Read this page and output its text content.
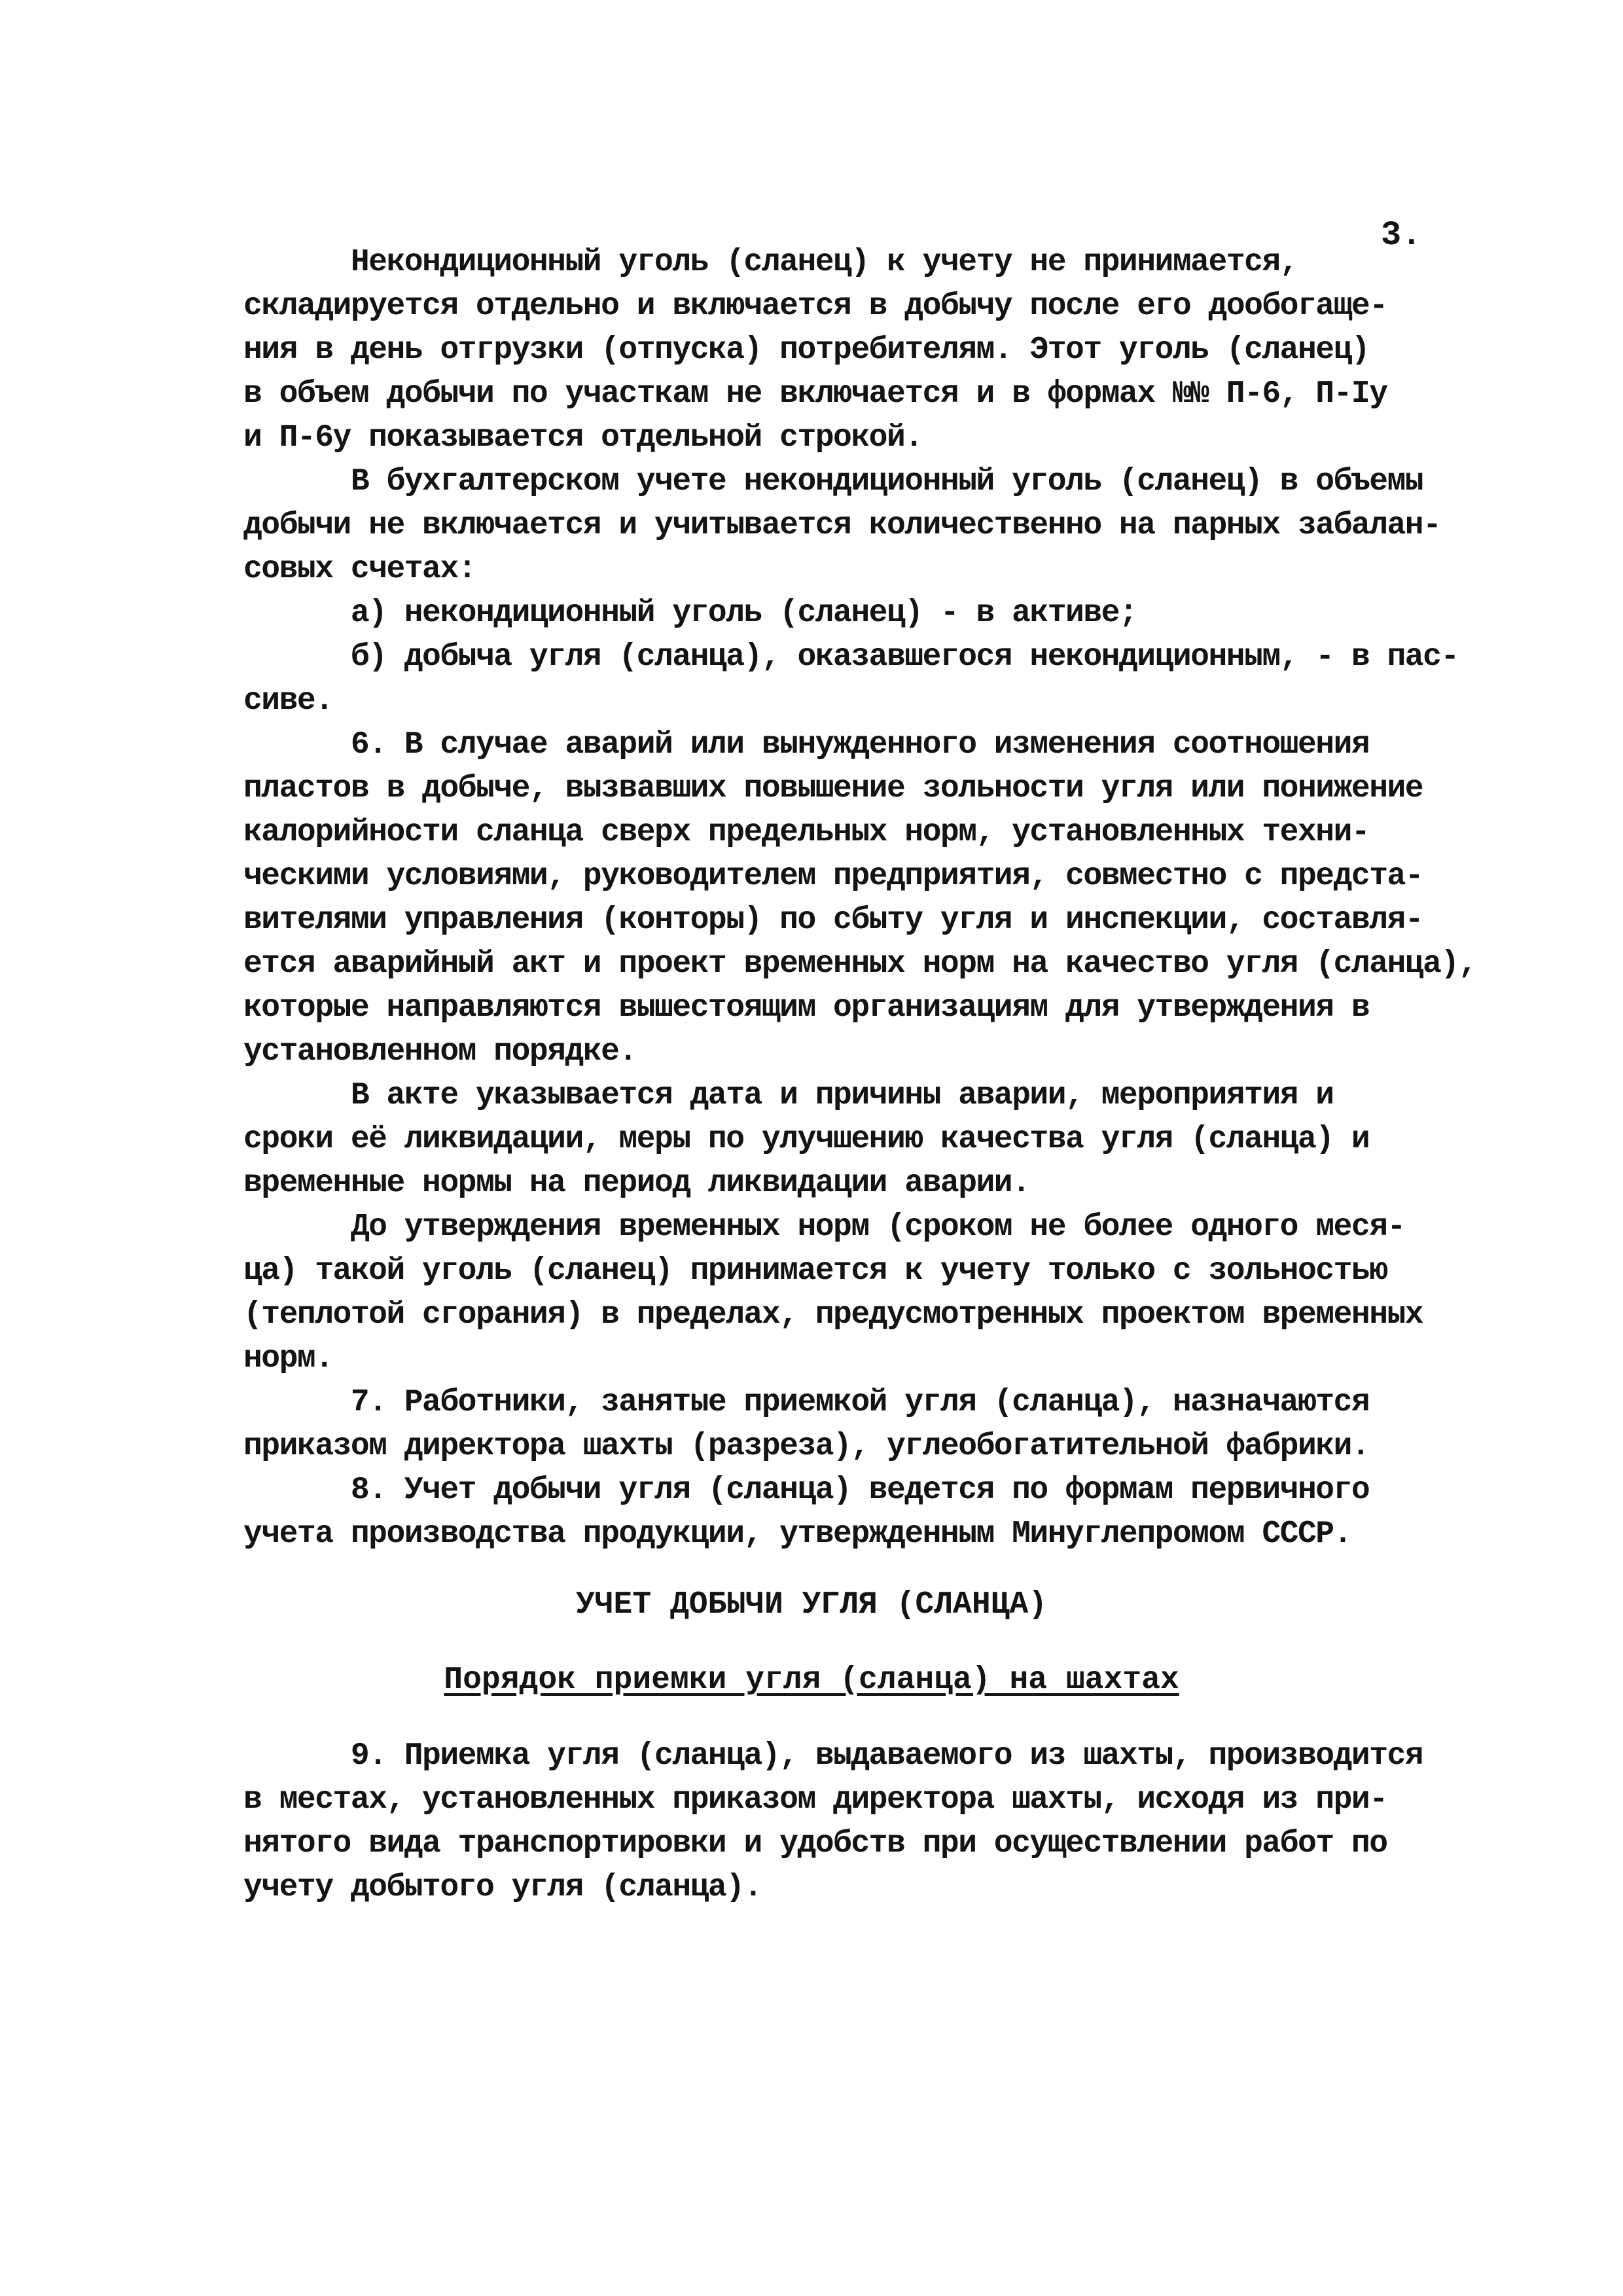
3.
Некондиционный уголь (сланец) к учету не принимается,
складируется отдельно и включается в добычу после его дообогаще-
ния в день отгрузки (отпуска) потребителям. Этот уголь (сланец)
в объем добычи по участкам не включается и в формах №№ П-6, П-Iу
и П-6у показывается отдельной строкой.
В бухгалтерском учете некондиционный уголь (сланец) в объемы
добычи не включается и учитывается количественно на парных забалан-
совых счетах:
а) некондиционный уголь (сланец) - в активе;
б) добыча угля (сланца), оказавшегося некондиционным, - в пас-
сиве.
6. В случае аварий или вынужденного изменения соотношения
пластов в добыче, вызвавших повышение зольности угля или понижение
калорийности сланца сверх предельных норм, установленных техни-
ческими условиями, руководителем предприятия, совместно с предста-
вителями управления (конторы) по сбыту угля и инспекции, составля-
ется аварийный акт и проект временных норм на качество угля (сланца),
которые направляются вышестоящим организациям для утверждения в
установленном порядке.
В акте указывается дата и причины аварии, мероприятия и
сроки её ликвидации, меры по улучшению качества угля (сланца) и
временные нормы на период ликвидации аварии.
До утверждения временных норм (сроком не более одного меся-
ца) такой уголь (сланец) принимается к учету только с зольностью
(теплотой сгорания) в пределах, предусмотренных проектом временных
норм.
7. Работники, занятые приемкой угля (сланца), назначаются
приказом директора шахты (разреза), углеобогатительной фабрики.
8. Учет добычи угля (сланца) ведется по формам первичного
учета производства продукции, утвержденным Минуглепромом СССР.
УЧЕТ ДОБЫЧИ УГЛЯ (СЛАНЦА)
Порядок приемки угля (сланца) на шахтах
9. Приемка угля (сланца), выдаваемого из шахты, производится
в местах, установленных приказом директора шахты, исходя из при-
нятого вида транспортировки и удобств при осуществлении работ по
учету добытого угля (сланца).
